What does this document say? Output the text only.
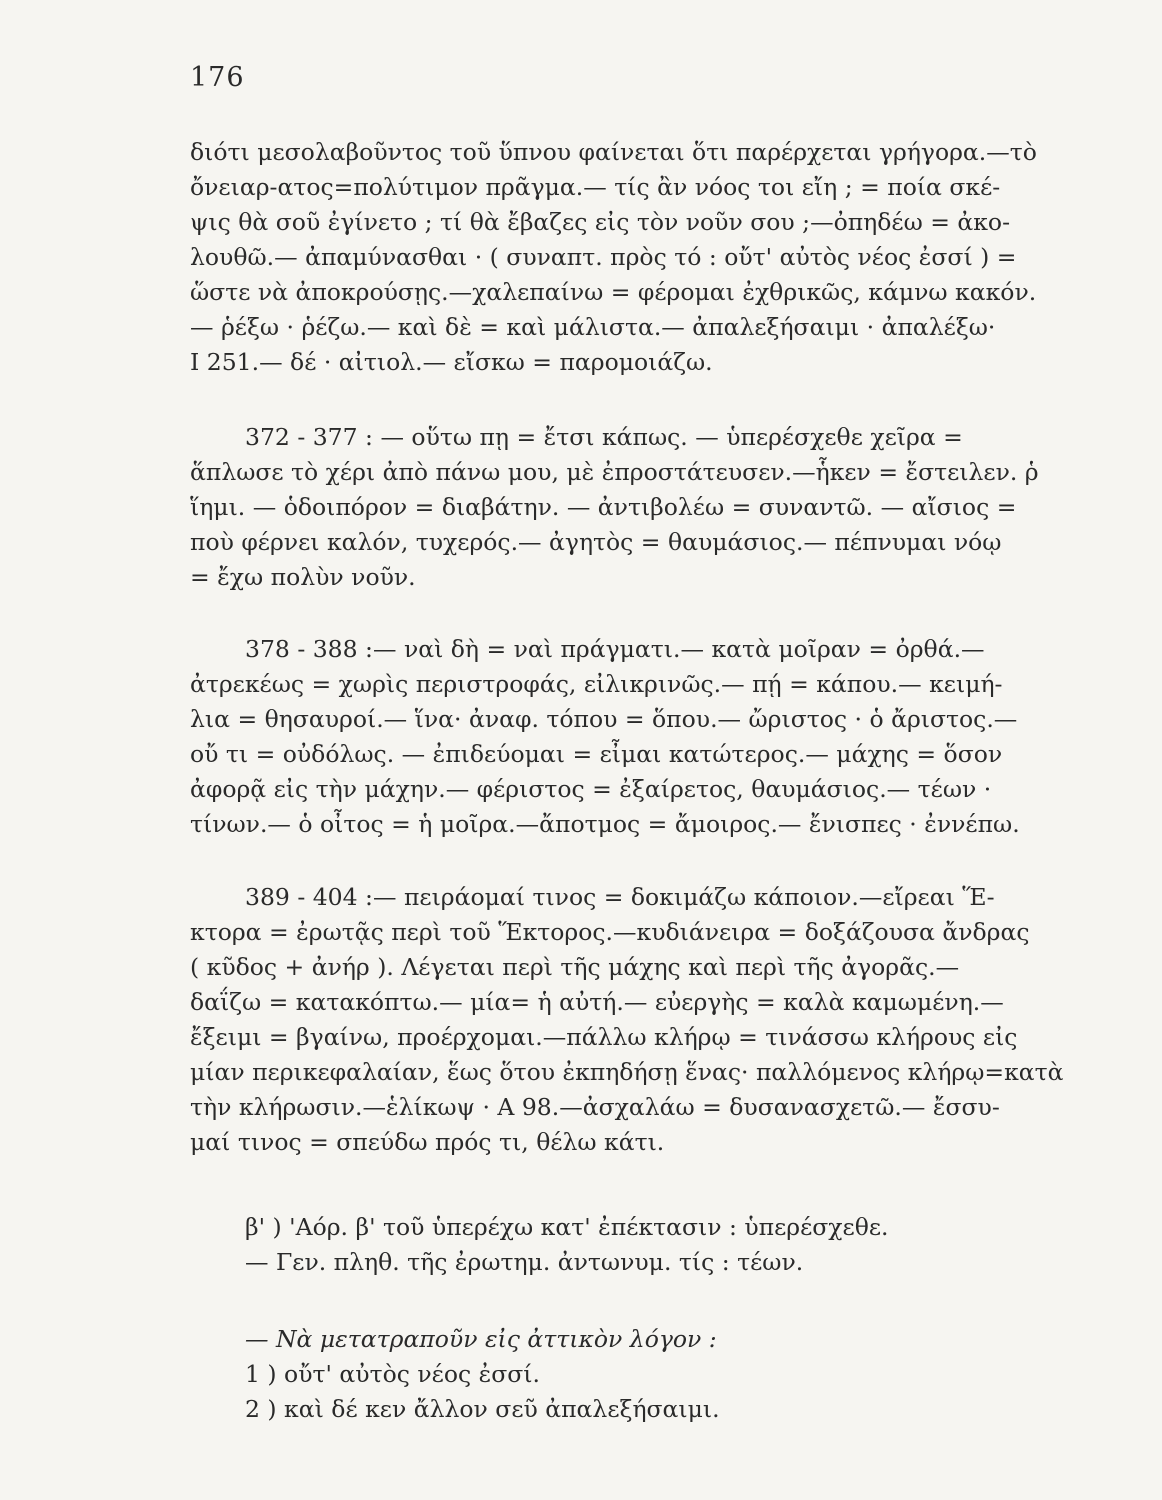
176
διότι μεσολαβοῦντος τοῦ ὕπνου φαίνεται ὅτι παρέρχεται γρήγορα.—τὸ
ὄνειαρ-ατος=πολύτιμον πρᾶγμα.— τίς ἂν νόος τοι εἴη ; = ποία σκέ-
ψις θὰ σοῦ ἐγίνετο ; τί θὰ ἔβαζες εἰς τὸν νοῦν σου ;—ὀπηδέω = ἀκο-
λουθῶ.— ἀπαμύνασθαι · ( συναπτ. πρὸς τό : οὔτ' αὐτὸς νέος ἐσσί ) =
ὥστε νὰ ἀποκρούσῃς.—χαλεπαίνω = φέρομαι ἐχθρικῶς, κάμνω κακόν.
— ῥέξω · ῥέζω.— καὶ δὲ = καὶ μάλιστα.— ἀπαλεξήσαιμι · ἀπαλέξω·
Ι 251.— δέ · αἰτιολ.— εἴσκω = παρομοιάζω.
372 - 377 : — οὕτω πῃ = ἔτσι κάπως. — ὑπερέσχεθε χεῖρα =
ἅπλωσε τὸ χέρι ἀπὸ πάνω μου, μὲ ἐπροστάτευσεν.—ἧκεν = ἔστειλεν. ῥ
ἵημι. — ὁδοιπόρον = διαβάτην. — ἀντιβολέω = συναντῶ. — αἴσιος =
ποὺ φέρνει καλόν, τυχερός.— ἀγητὸς = θαυμάσιος.— πέπνυμαι νόῳ
= ἔχω πολὺν νοῦν.
378 - 388 :— ναὶ δὴ = ναὶ πράγματι.— κατὰ μοῖραν = ὀρθά.—
ἀτρεκέως = χωρὶς περιστροφάς, εἰλικρινῶς.— πῄ = κάπου.— κειμή-
λια = θησαυροί.— ἵνα· ἀναφ. τόπου = ὅπου.— ὤριστος · ὁ ἄριστος.—
οὔ τι = οὐδόλως. — ἐπιδεύομαι = εἶμαι κατώτερος.— μάχης = ὅσον
ἀφορᾷ εἰς τὴν μάχην.— φέριστος = ἐξαίρετος, θαυμάσιος.— τέων ·
τίνων.— ὁ οἶτος = ἡ μοῖρα.—ἄποτμος = ἄμοιρος.— ἔνισπες · ἐννέπω.
389 - 404 :— πειράομαί τινος = δοκιμάζω κάποιον.—εἴρεαι Ἕ-
κτορα = ἐρωτᾷς περὶ τοῦ Ἕκτορος.—κυδιάνειρα = δοξάζουσα ἄνδρας
( κῦδος + ἀνήρ ). Λέγεται περὶ τῆς μάχης καὶ περὶ τῆς ἀγορᾶς.—
δαΐζω = κατακόπτω.— μία= ἡ αὐτή.— εὐεργὴς = καλὰ καμωμένη.—
ἔξειμι = βγαίνω, προέρχομαι.—πάλλω κλήρῳ = τινάσσω κλήρους εἰς
μίαν περικεφαλαίαν, ἕως ὅτου ἐκπηδήσῃ ἕνας· παλλόμενος κλήρῳ=κατὰ
τὴν κλήρωσιν.—ἑλίκωψ · Α 98.—ἀσχαλάω = δυσανασχετῶ.— ἔσσυ-
μαί τινος = σπεύδω πρός τι, θέλω κάτι.
β' ) 'Αόρ. β' τοῦ ὑπερέχω κατ' ἐπέκτασιν : ὑπερέσχεθε.
— Γεν. πληθ. τῆς ἐρωτημ. ἀντωνυμ. τίς : τέων.
— Νὰ μετατραποῦν εἰς ἀττικὸν λόγον :
1 ) οὔτ' αὐτὸς νέος ἐσσί.
2 ) καὶ δέ κεν ἄλλον σεῦ ἀπαλεξήσαιμι.
